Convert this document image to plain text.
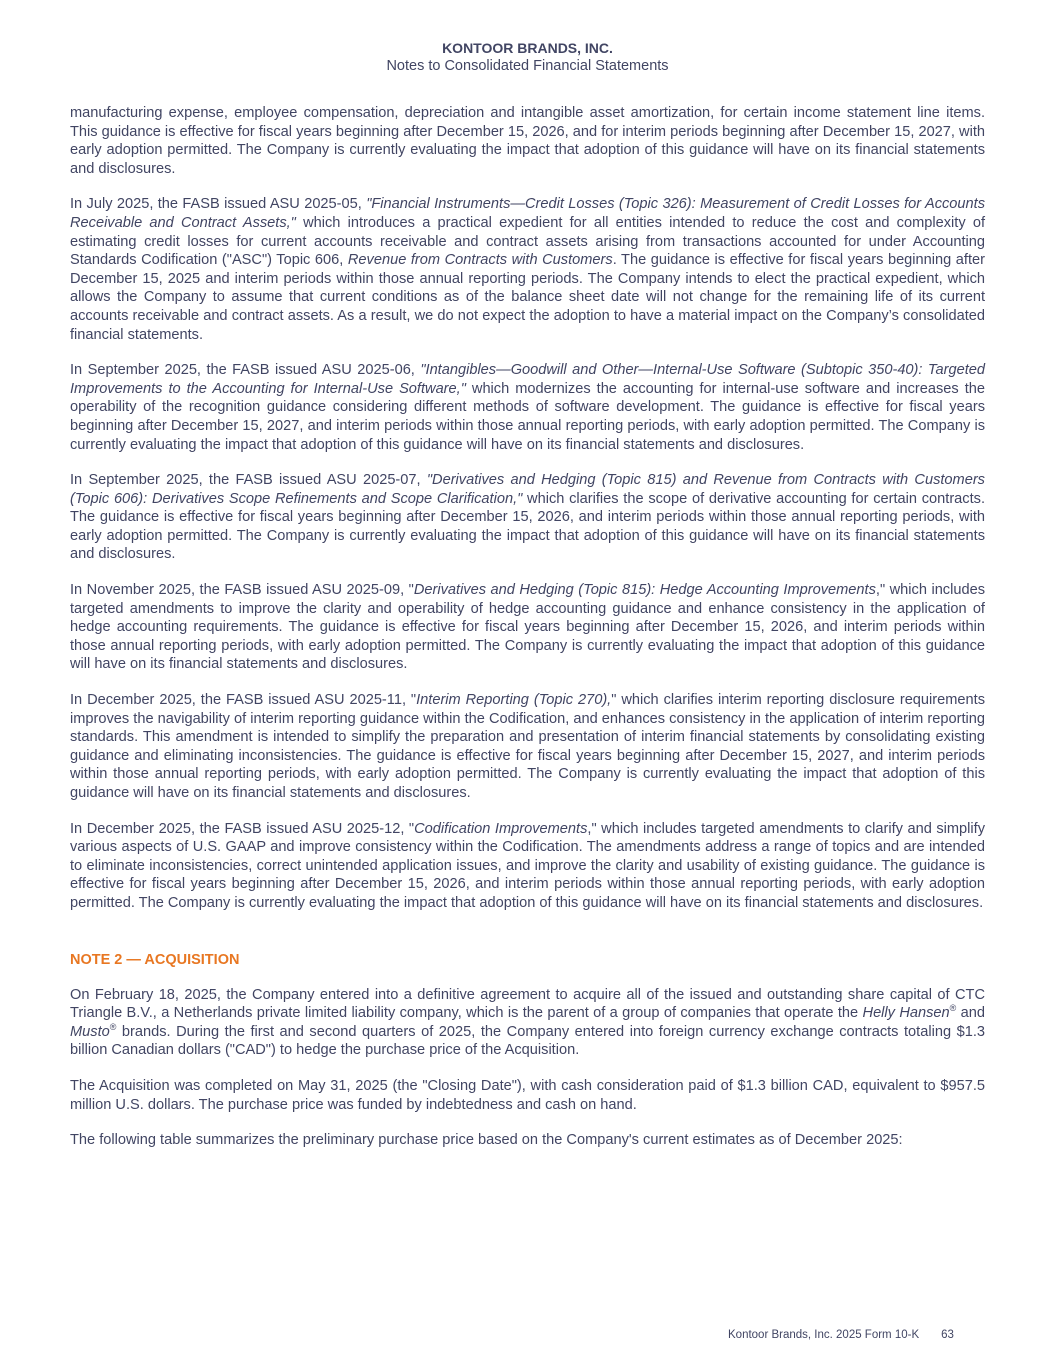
KONTOOR BRANDS, INC.
Notes to Consolidated Financial Statements

manufacturing expense, employee compensation, depreciation and intangible asset amortization, for certain income statement line items. This guidance is effective for fiscal years beginning after December 15, 2026, and for interim periods beginning after December 15, 2027, with early adoption permitted. The Company is currently evaluating the impact that adoption of this guidance will have on its financial statements and disclosures.

In July 2025, the FASB issued ASU 2025-05, "Financial Instruments—Credit Losses (Topic 326): Measurement of Credit Losses for Accounts Receivable and Contract Assets," which introduces a practical expedient for all entities intended to reduce the cost and complexity of estimating credit losses for current accounts receivable and contract assets arising from transactions accounted for under Accounting Standards Codification ("ASC") Topic 606, Revenue from Contracts with Customers. The guidance is effective for fiscal years beginning after December 15, 2025 and interim periods within those annual reporting periods. The Company intends to elect the practical expedient, which allows the Company to assume that current conditions as of the balance sheet date will not change for the remaining life of its current accounts receivable and contract assets. As a result, we do not expect the adoption to have a material impact on the Company’s consolidated financial statements.

In September 2025, the FASB issued ASU 2025-06, "Intangibles—Goodwill and Other—Internal-Use Software (Subtopic 350-40): Targeted Improvements to the Accounting for Internal-Use Software," which modernizes the accounting for internal-use software and increases the operability of the recognition guidance considering different methods of software development. The guidance is effective for fiscal years beginning after December 15, 2027, and interim periods within those annual reporting periods, with early adoption permitted. The Company is currently evaluating the impact that adoption of this guidance will have on its financial statements and disclosures.

In September 2025, the FASB issued ASU 2025-07, "Derivatives and Hedging (Topic 815) and Revenue from Contracts with Customers (Topic 606): Derivatives Scope Refinements and Scope Clarification," which clarifies the scope of derivative accounting for certain contracts. The guidance is effective for fiscal years beginning after December 15, 2026, and interim periods within those annual reporting periods, with early adoption permitted. The Company is currently evaluating the impact that adoption of this guidance will have on its financial statements and disclosures.

In November 2025, the FASB issued ASU 2025-09, "Derivatives and Hedging (Topic 815): Hedge Accounting Improvements," which includes targeted amendments to improve the clarity and operability of hedge accounting guidance and enhance consistency in the application of hedge accounting requirements. The guidance is effective for fiscal years beginning after December 15, 2026, and interim periods within those annual reporting periods, with early adoption permitted. The Company is currently evaluating the impact that adoption of this guidance will have on its financial statements and disclosures.

In December 2025, the FASB issued ASU 2025-11, "Interim Reporting (Topic 270)," which clarifies interim reporting disclosure requirements improves the navigability of interim reporting guidance within the Codification, and enhances consistency in the application of interim reporting standards. This amendment is intended to simplify the preparation and presentation of interim financial statements by consolidating existing guidance and eliminating inconsistencies. The guidance is effective for fiscal years beginning after December 15, 2027, and interim periods within those annual reporting periods, with early adoption permitted. The Company is currently evaluating the impact that adoption of this guidance will have on its financial statements and disclosures.

In December 2025, the FASB issued ASU 2025-12, "Codification Improvements," which includes targeted amendments to clarify and simplify various aspects of U.S. GAAP and improve consistency within the Codification. The amendments address a range of topics and are intended to eliminate inconsistencies, correct unintended application issues, and improve the clarity and usability of existing guidance. The guidance is effective for fiscal years beginning after December 15, 2026, and interim periods within those annual reporting periods, with early adoption permitted. The Company is currently evaluating the impact that adoption of this guidance will have on its financial statements and disclosures.

NOTE 2 — ACQUISITION

On February 18, 2025, the Company entered into a definitive agreement to acquire all of the issued and outstanding share capital of CTC Triangle B.V., a Netherlands private limited liability company, which is the parent of a group of companies that operate the Helly Hansen® and Musto® brands. During the first and second quarters of 2025, the Company entered into foreign currency exchange contracts totaling $1.3 billion Canadian dollars ("CAD") to hedge the purchase price of the Acquisition.

The Acquisition was completed on May 31, 2025 (the "Closing Date"), with cash consideration paid of $1.3 billion CAD, equivalent to $957.5 million U.S. dollars. The purchase price was funded by indebtedness and cash on hand.

The following table summarizes the preliminary purchase price based on the Company's current estimates as of December 2025:

Kontoor Brands, Inc. 2025 Form 10-K 63
